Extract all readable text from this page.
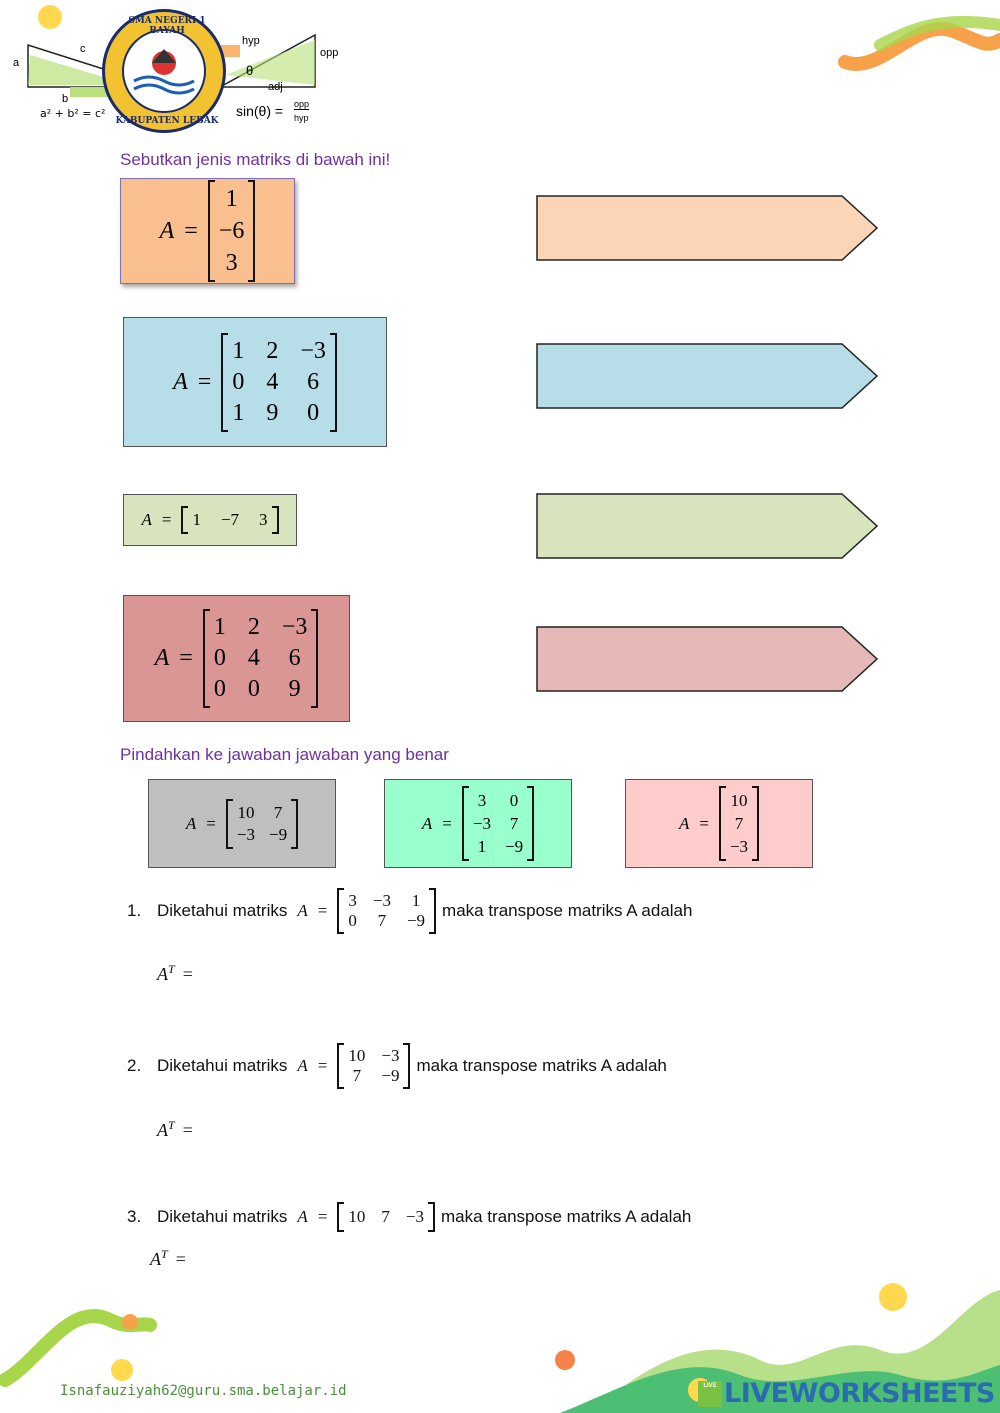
a
b
c
a² + b² = c²
hyp
opp
adj
θ
sin(θ) = opp
hyp
SMA NEGERI 1 BAYAH
KABUPATEN LEBAK
Sebutkan jenis matriks di bawah ini!
A =
1
−6
3
A =
1 2 −3
0 4 6
1 9 0
A = 1 −7 3
A =
1 2 −3
0 4 6
0 0 9
Pindahkan ke jawaban jawaban yang benar
A =
10 7
−3 −9
A =
3 0
−3 7
1 −9
A =
10
7
−3
1. Diketahui matriks A =
3 −3 1
0 7 −9
maka transpose matriks A adalah
$A^T$ =
2. Diketahui matriks A =
10 −3
7 −9
maka transpose matriks A adalah
$A^T$ =
3. Diketahui matriks A = 10 7 −3 maka transpose matriks A adalah
$A^T$ =
Isnafauziyah62@guru.sma.belajar.id	LIVE LIVEWORKSHEETS
